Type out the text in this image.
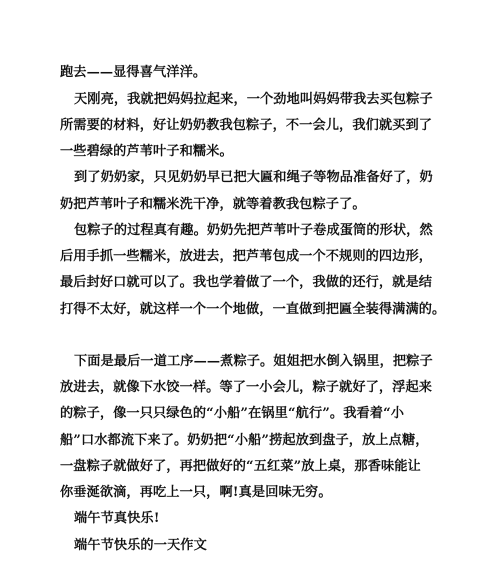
跑去——显得喜气洋洋。
天刚亮，我就把妈妈拉起来，一个劲地叫妈妈带我去买包粽子
所需要的材料，好让奶奶教我包粽子，不一会儿，我们就买到了
一些碧绿的芦苇叶子和糯米。
到了奶奶家，只见奶奶早已把大匾和绳子等物品准备好了，奶
奶把芦苇叶子和糯米洗干净，就等着教我包粽子了。
包粽子的过程真有趣。奶奶先把芦苇叶子卷成蛋筒的形状，然
后用手抓一些糯米，放进去，把芦苇包成一个不规则的四边形，
最后封好口就可以了。我也学着做了一个，我做的还行，就是结
打得不太好，就这样一个一个地做，一直做到把匾全装得满满的。
下面是最后一道工序——煮粽子。姐姐把水倒入锅里，把粽子
放进去，就像下水饺一样。等了一小会儿，粽子就好了，浮起来
的粽子，像一只只绿色的“小船”在锅里“航行”。我看着“小
船”口水都流下来了。奶奶把“小船”捞起放到盘子，放上点糖，
一盘粽子就做好了，再把做好的“五红菜”放上桌，那香味能让
你垂涎欲滴，再吃上一只，啊!真是回味无穷。
端午节真快乐!
端午节快乐的一天作文
